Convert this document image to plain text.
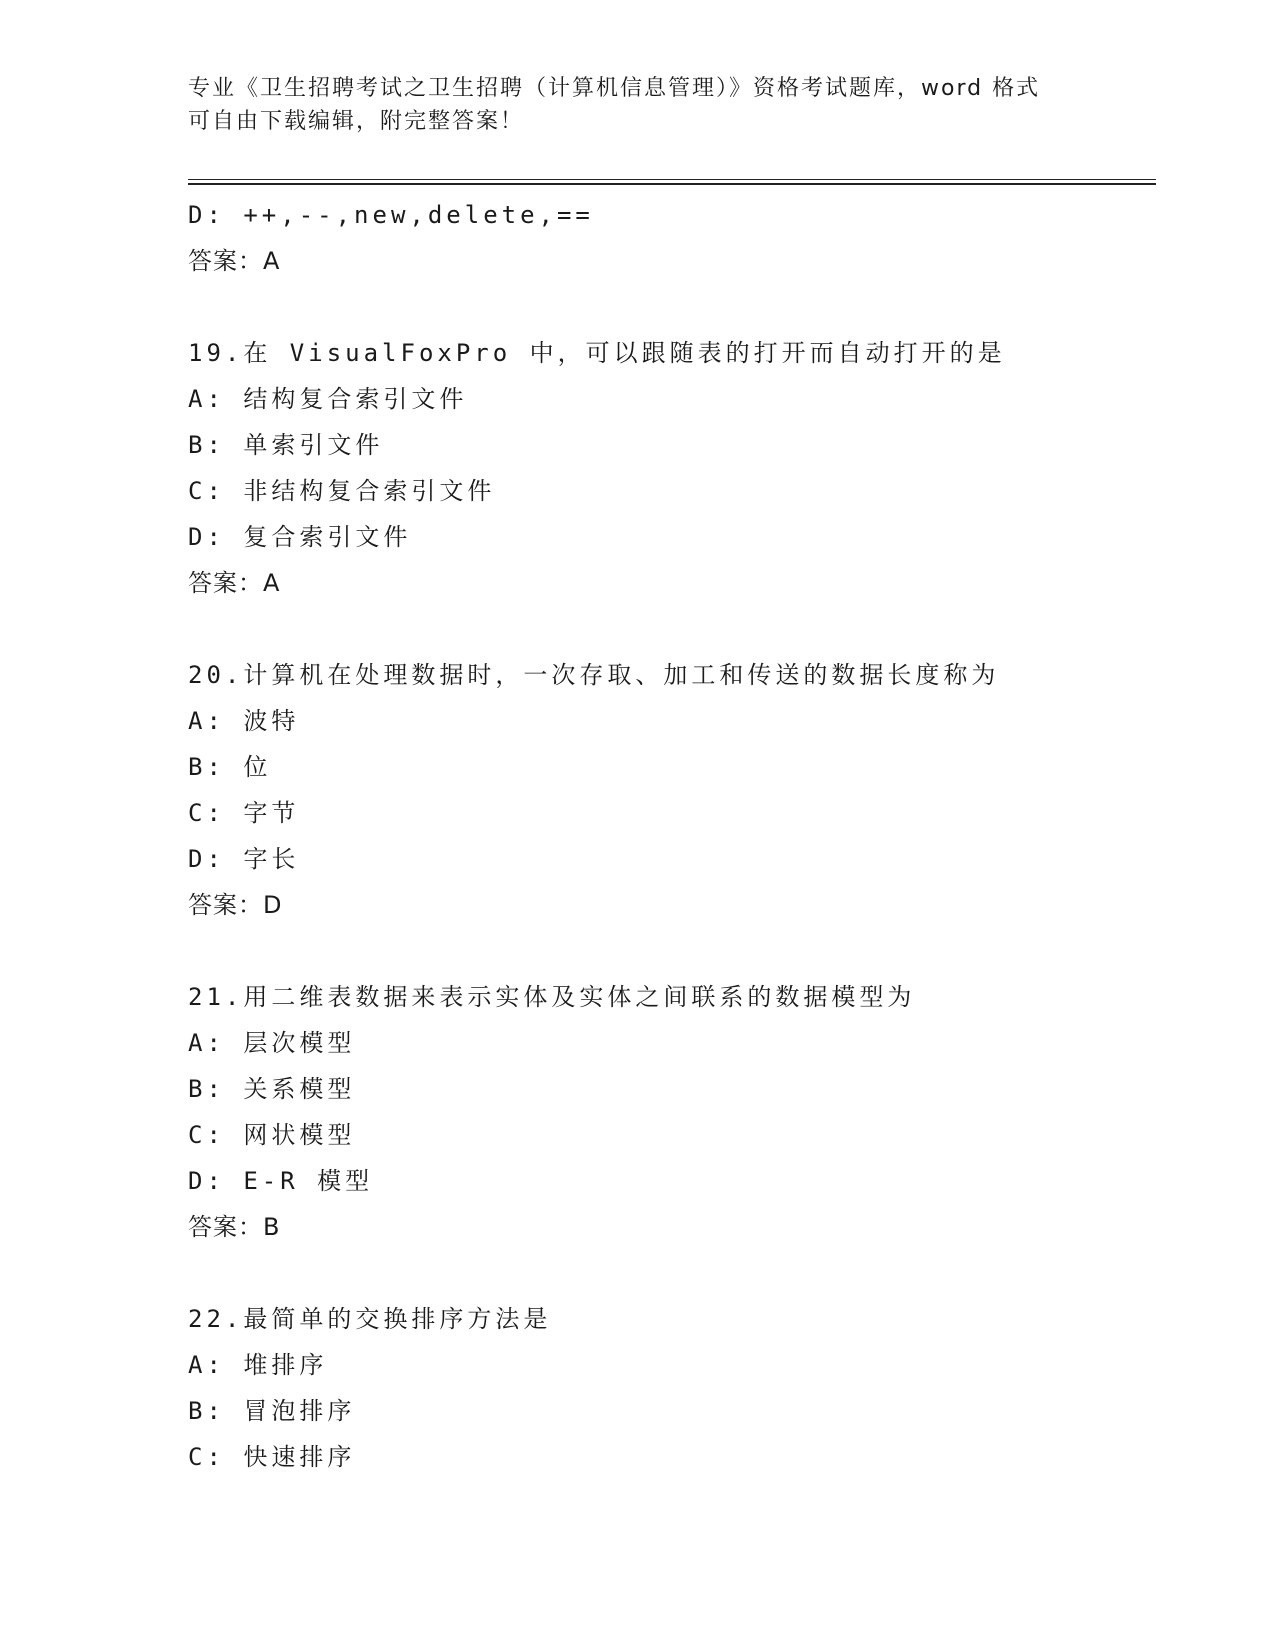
专业《卫生招聘考试之卫生招聘（计算机信息管理）》资格考试题库，word 格式
可自由下载编辑，附完整答案！
D: ++,--,new,delete,==
答案：A
19.在 VisualFoxPro 中，可以跟随表的打开而自动打开的是
A: 结构复合索引文件
B: 单索引文件
C: 非结构复合索引文件
D: 复合索引文件
答案：A
20.计算机在处理数据时，一次存取、加工和传送的数据长度称为
A: 波特
B: 位
C: 字节
D: 字长
答案：D
21.用二维表数据来表示实体及实体之间联系的数据模型为
A: 层次模型
B: 关系模型
C: 网状模型
D: E-R 模型
答案：B
22.最简单的交换排序方法是
A: 堆排序
B: 冒泡排序
C: 快速排序
